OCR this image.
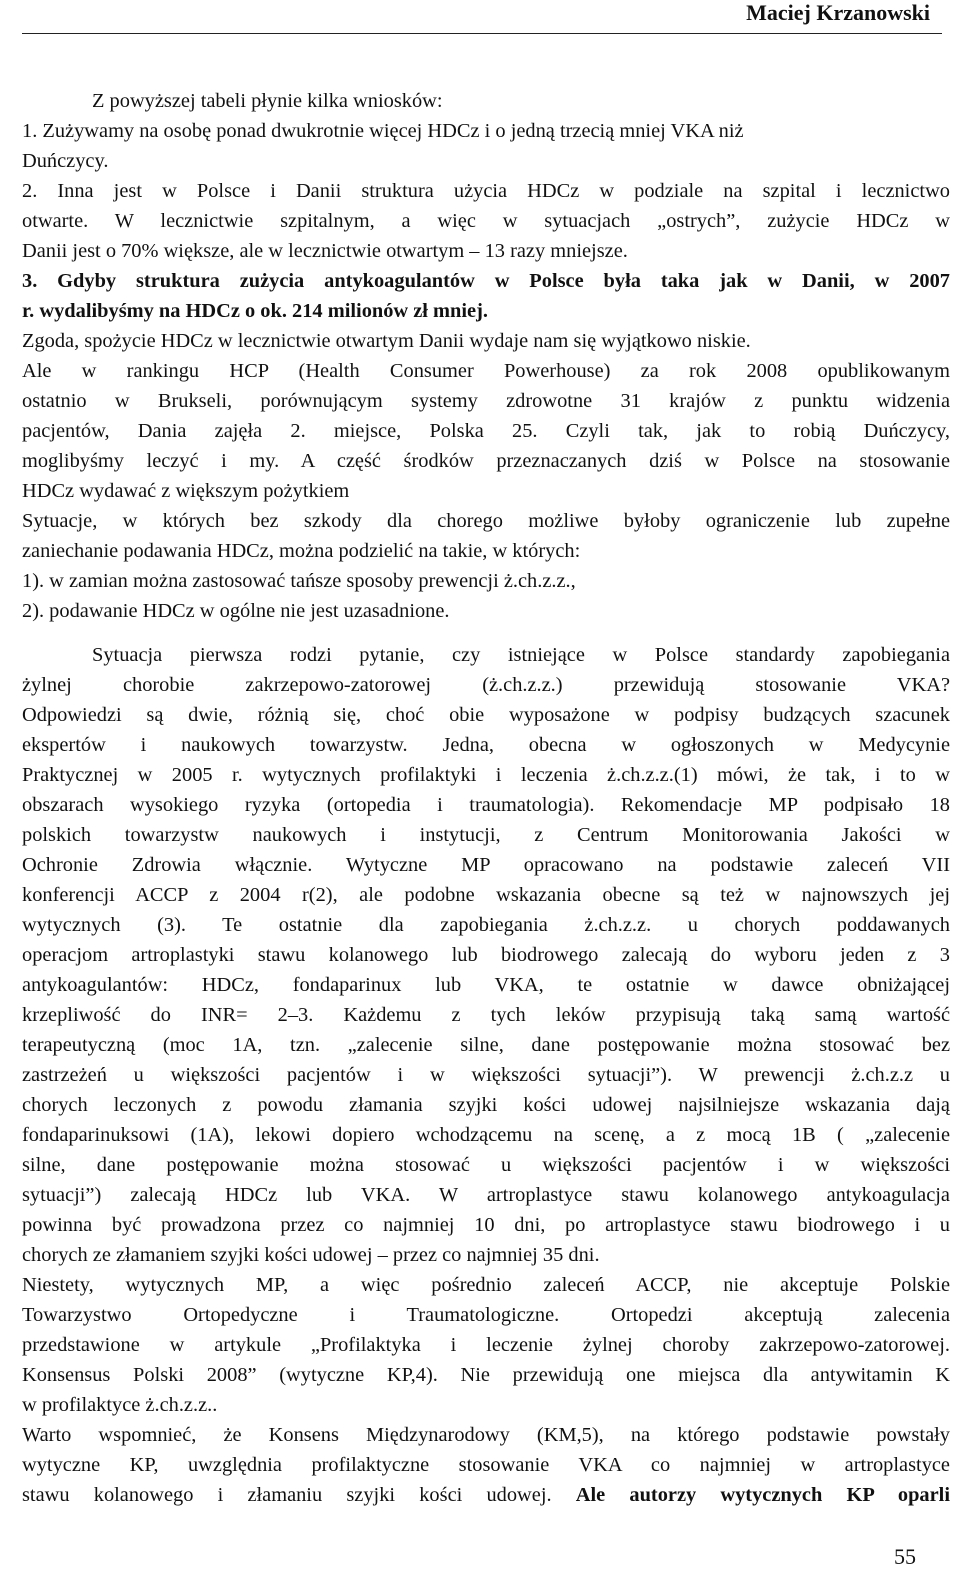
Maciej Krzanowski
Z powyższej tabeli płynie kilka wniosków:
1. Zużywamy na osobę ponad dwukrotnie więcej HDCz i o jedną trzecią mniej VKA niż
Duńczycy.
2. Inna jest w Polsce i Danii struktura użycia HDCz w podziale na szpital i lecznictwo
otwarte. W lecznictwie szpitalnym, a więc w sytuacjach „ostrych”, zużycie HDCz w
Danii jest o 70% większe, ale w lecznictwie otwartym – 13 razy mniejsze.
3. Gdyby struktura zużycia antykoagulantów w Polsce była taka jak w Danii, w 2007
r. wydalibyśmy na HDCz o ok. 214 milionów zł mniej.
Zgoda, spożycie HDCz w lecznictwie otwartym Danii wydaje nam się wyjątkowo niskie.
Ale w rankingu HCP (Health Consumer Powerhouse) za rok 2008 opublikowanym
ostatnio w Brukseli, porównującym systemy zdrowotne 31 krajów z punktu widzenia
pacjentów, Dania zajęła 2. miejsce, Polska 25. Czyli tak, jak to robią Duńczycy,
moglibyśmy leczyć i my. A część środków przeznaczanych dziś w Polsce na stosowanie
HDCz wydawać z większym pożytkiem
Sytuacje, w których bez szkody dla chorego możliwe byłoby ograniczenie lub zupełne
zaniechanie podawania HDCz, można podzielić na takie, w których:
1). w zamian można zastosować tańsze sposoby prewencji ż.ch.z.z.,
2). podawanie HDCz w ogólne nie jest uzasadnione.
Sytuacja pierwsza rodzi pytanie, czy istniejące w Polsce standardy zapobiegania
żylnej chorobie zakrzepowo-zatorowej (ż.ch.z.z.) przewidują stosowanie VKA?
Odpowiedzi są dwie, różnią się, choć obie wyposażone w podpisy budzących szacunek
ekspertów i naukowych towarzystw. Jedna, obecna w ogłoszonych w Medycynie
Praktycznej w 2005 r. wytycznych profilaktyki i leczenia ż.ch.z.z.(1) mówi, że tak, i to w
obszarach wysokiego ryzyka (ortopedia i traumatologia). Rekomendacje MP podpisało 18
polskich towarzystw naukowych i instytucji, z Centrum Monitorowania Jakości w
Ochronie Zdrowia włącznie. Wytyczne MP opracowano na podstawie zaleceń VII
konferencji ACCP z 2004 r(2), ale podobne wskazania obecne są też w najnowszych jej
wytycznych (3). Te ostatnie dla zapobiegania ż.ch.z.z. u chorych poddawanych
operacjom artroplastyki stawu kolanowego lub biodrowego zalecają do wyboru jeden z 3
antykoagulantów: HDCz, fondaparinux lub VKA, te ostatnie w dawce obniżającej
krzepliwość do INR= 2–3. Każdemu z tych leków przypisują taką samą wartość
terapeutyczną (moc 1A, tzn. „zalecenie silne, dane postępowanie można stosować bez
zastrzeżeń u większości pacjentów i w większości sytuacji”). W prewencji ż.ch.z.z u
chorych leczonych z powodu złamania szyjki kości udowej najsilniejsze wskazania dają
fondaparinuksowi (1A), lekowi dopiero wchodzącemu na scenę, a z mocą 1B ( „zalecenie
silne, dane postępowanie można stosować u większości pacjentów i w większości
sytuacji”) zalecają HDCz lub VKA. W artroplastyce stawu kolanowego antykoagulacja
powinna być prowadzona przez co najmniej 10 dni, po artroplastyce stawu biodrowego i u
chorych ze złamaniem szyjki kości udowej – przez co najmniej 35 dni.
Niestety, wytycznych MP, a więc pośrednio zaleceń ACCP, nie akceptuje Polskie
Towarzystwo Ortopedyczne i Traumatologiczne. Ortopedzi akceptują zalecenia
przedstawione w artykule „Profilaktyka i leczenie żylnej choroby zakrzepowo-zatorowej.
Konsensus Polski 2008” (wytyczne KP,4). Nie przewidują one miejsca dla antywitamin K
w profilaktyce ż.ch.z.z..
Warto wspomnieć, że Konsens Międzynarodowy (KM,5), na którego podstawie powstały
wytyczne KP, uwzględnia profilaktyczne stosowanie VKA co najmniej w artroplastyce
stawu kolanowego i złamaniu szyjki kości udowej. Ale autorzy wytycznych KP oparli
55
